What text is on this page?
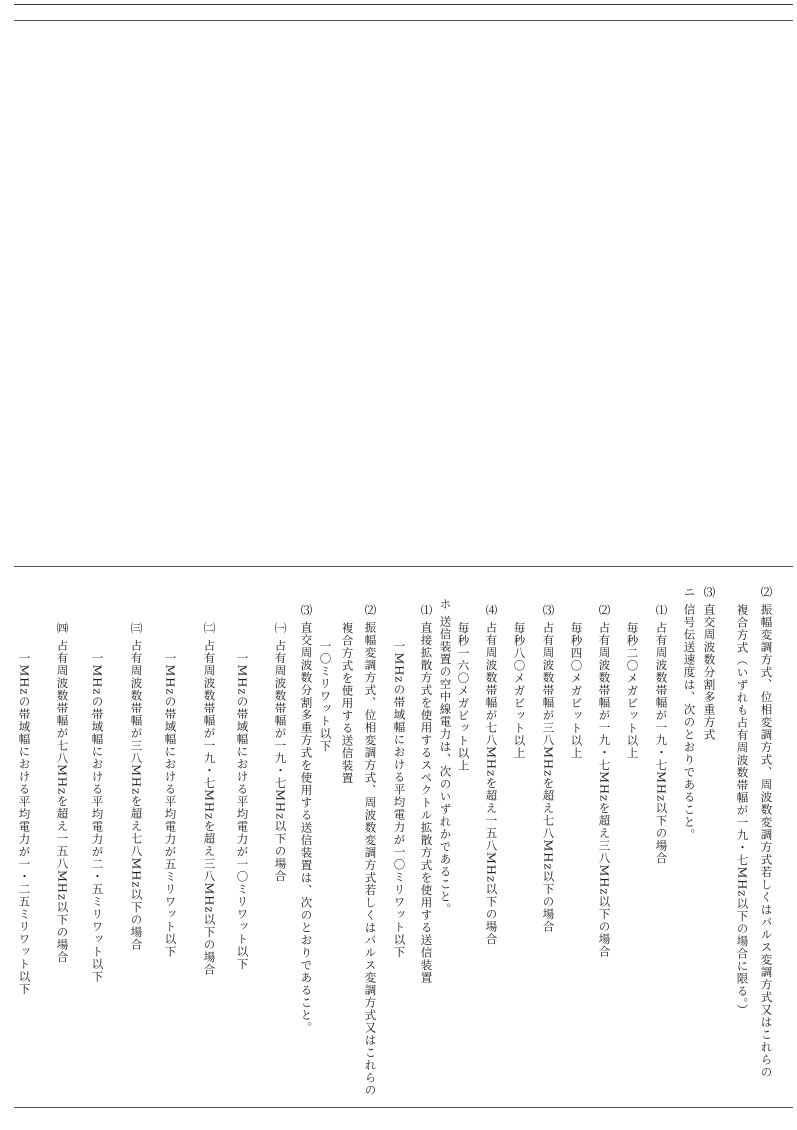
⑵ 振幅変調方式、位相変調方式、周波数変調方式若しくはパルス変調方式又はこれらの
複合方式（いずれも占有周波数帯幅が一九・七MHz以下の場合に限る。）
⑶ 直交周波数分割多重方式
ニ 信号伝送速度は、次のとおりであること。
⑴ 占有周波数帯幅が一九・七MHz以下の場合
毎秒二〇メガビット以上
⑵ 占有周波数帯幅が一九・七MHzを超え三八MHz以下の場合
毎秒四〇メガビット以上
⑶ 占有周波数帯幅が三八MHzを超え七八MHz以下の場合
毎秒八〇メガビット以上
⑷ 占有周波数帯幅が七八MHzを超え一五八MHz以下の場合
毎秒一六〇メガビット以上
ホ 送信装置の空中線電力は、次のいずれかであること。
⑴ 直接拡散方式を使用するスペクトル拡散方式を使用する送信装置
一MHzの帯域幅における平均電力が一〇ミリワット以下
⑵ 振幅変調方式、位相変調方式、周波数変調方式若しくはパルス変調方式又はこれらの
複合方式を使用する送信装置
一〇ミリワット以下
⑶ 直交周波数分割多重方式を使用する送信装置は、次のとおりであること。
㈠ 占有周波数帯幅が一九・七MHz以下の場合
一MHzの帯域幅における平均電力が一〇ミリワット以下
㈡ 占有周波数帯幅が一九・七MHzを超え三八MHz以下の場合
一MHzの帯域幅における平均電力が五ミリワット以下
㈢ 占有周波数帯幅が三八MHzを超え七八MHz以下の場合
一MHzの帯域幅における平均電力が二・五ミリワット以下
㈣ 占有周波数帯幅が七八MHzを超え一五八MHz以下の場合
一MHzの帯域幅における平均電力が一・二五ミリワット以下
